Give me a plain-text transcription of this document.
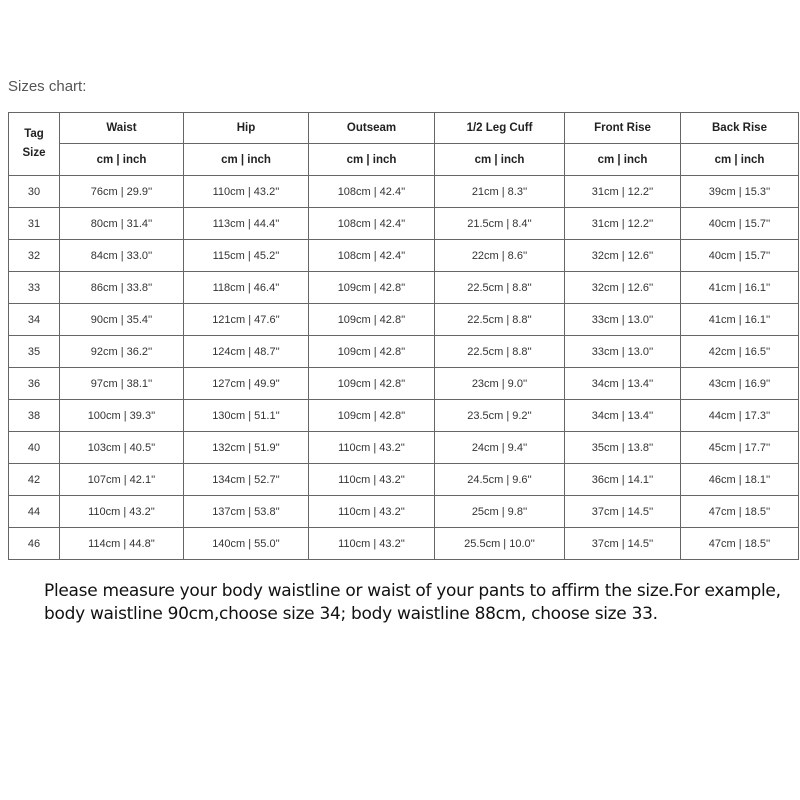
Sizes chart:
Tag
Size	Waist	Hip	Outseam	1/2 Leg Cuff	Front Rise	Back Rise
	cm | inch	cm | inch	cm | inch	cm | inch	cm | inch	cm | inch
30	76cm | 29.9''	110cm | 43.2''	108cm | 42.4''	21cm | 8.3''	31cm | 12.2''	39cm | 15.3''
31	80cm | 31.4''	113cm | 44.4''	108cm | 42.4''	21.5cm | 8.4''	31cm | 12.2''	40cm | 15.7''
32	84cm | 33.0''	115cm | 45.2''	108cm | 42.4''	22cm | 8.6''	32cm | 12.6''	40cm | 15.7''
33	86cm | 33.8''	118cm | 46.4''	109cm | 42.8''	22.5cm | 8.8''	32cm | 12.6''	41cm | 16.1''
34	90cm | 35.4''	121cm | 47.6''	109cm | 42.8''	22.5cm | 8.8''	33cm | 13.0''	41cm | 16.1''
35	92cm | 36.2''	124cm | 48.7''	109cm | 42.8''	22.5cm | 8.8''	33cm | 13.0''	42cm | 16.5''
36	97cm | 38.1''	127cm | 49.9''	109cm | 42.8''	23cm | 9.0''	34cm | 13.4''	43cm | 16.9''
38	100cm | 39.3''	130cm | 51.1''	109cm | 42.8''	23.5cm | 9.2''	34cm | 13.4''	44cm | 17.3''
40	103cm | 40.5''	132cm | 51.9''	110cm | 43.2''	24cm | 9.4''	35cm | 13.8''	45cm | 17.7''
42	107cm | 42.1''	134cm | 52.7''	110cm | 43.2''	24.5cm | 9.6''	36cm | 14.1''	46cm | 18.1''
44	110cm | 43.2''	137cm | 53.8''	110cm | 43.2''	25cm | 9.8''	37cm | 14.5''	47cm | 18.5''
46	114cm | 44.8''	140cm | 55.0''	110cm | 43.2''	25.5cm | 10.0''	37cm | 14.5''	47cm | 18.5''
Please measure your body waistline or waist of your pants to affirm the size.For example, body waistline 90cm,choose size 34; body waistline 88cm, choose size 33.
